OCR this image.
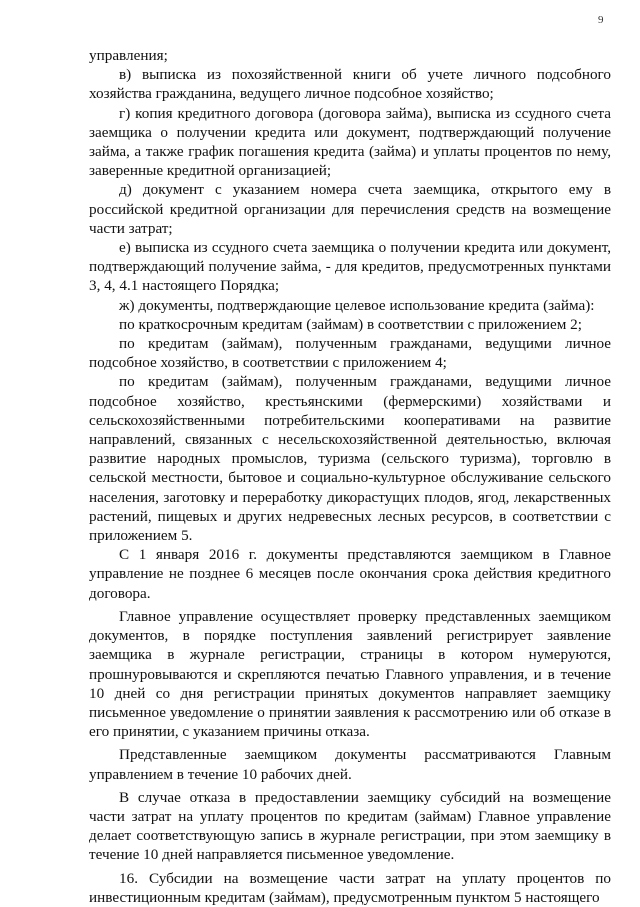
9

управления;

в) выписка из похозяйственной книги об учете личного подсобного хозяйства гражданина, ведущего личное подсобное хозяйство;

г) копия кредитного договора (договора займа), выписка из ссудного счета заемщика о получении кредита или документ, подтверждающий получение займа, а также график погашения кредита (займа) и уплаты процентов по нему, заверенные кредитной организацией;

д) документ с указанием номера счета заемщика, открытого ему в российской кредитной организации для перечисления средств на возмещение части затрат;

е) выписка из ссудного счета заемщика о получении кредита или документ, подтверждающий получение займа, - для кредитов, предусмотренных пунктами 3, 4, 4.1 настоящего Порядка;

ж) документы, подтверждающие целевое использование кредита (займа):

по краткосрочным кредитам (займам) в соответствии с приложением 2;

по кредитам (займам), полученным гражданами, ведущими личное подсобное хозяйство, в соответствии с приложением 4;

по кредитам (займам), полученным гражданами, ведущими личное подсобное хозяйство, крестьянскими (фермерскими) хозяйствами и сельскохозяйственными потребительскими кооперативами на развитие направлений, связанных с несельскохозяйственной деятельностью, включая развитие народных промыслов, туризма (сельского туризма), торговлю в сельской местности, бытовое и социально-культурное обслуживание сельского населения, заготовку и переработку дикорастущих плодов, ягод, лекарственных растений, пищевых и других недревесных лесных ресурсов, в соответствии с приложением 5.

С 1 января 2016 г. документы представляются заемщиком в Главное управление не позднее 6 месяцев после окончания срока действия кредитного договора.

Главное управление осуществляет проверку представленных заемщиком документов, в порядке поступления заявлений регистрирует заявление заемщика в журнале регистрации, страницы в котором нумеруются, прошнуровываются и скрепляются печатью Главного управления, и в течение 10 дней со дня регистрации принятых документов направляет заемщику письменное уведомление о принятии заявления к рассмотрению или об отказе в его принятии, с указанием причины отказа.

Представленные заемщиком документы рассматриваются Главным управлением в течение 10 рабочих дней.

В случае отказа в предоставлении заемщику субсидий на возмещение части затрат на уплату процентов по кредитам (займам) Главное управление делает соответствующую запись в журнале регистрации, при этом заемщику в течение 10 дней направляется письменное уведомление.

16. Субсидии на возмещение части затрат на уплату процентов по инвестиционным кредитам (займам), предусмотренным пунктом 5 настоящего
